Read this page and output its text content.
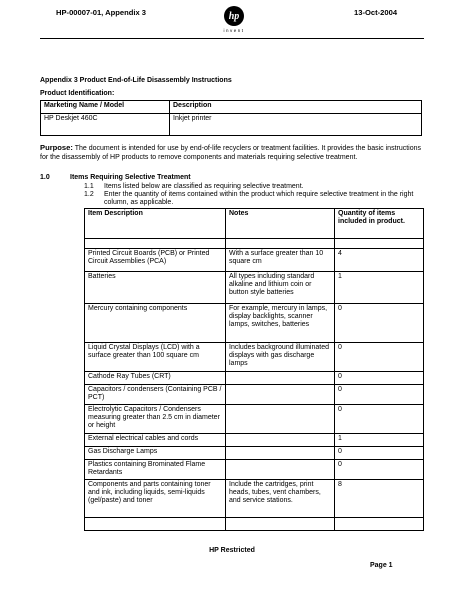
HP-00007-01, Appendix 3	hp
invent
13-Oct-2004
Appendix 3 Product End-of-Life Disassembly Instructions
Product Identification:
Marketing Name / Model	Description
HP Deskjet 460C	Inkjet printer
Purpose: The document is intended for use by end-of-life recyclers or treatment facilities. It provides the basic instructions for the disassembly of HP products to remove components and materials requiring selective treatment.
1.0	Items Requiring Selective Treatment
1.1 Items listed below are classified as requiring selective treatment.
1.2 Enter the quantity of items contained within the product which require selective treatment in the right column, as applicable.
Item Description	Notes	Quantity of items included in product.

Printed Circuit Boards (PCB) or Printed Circuit Assemblies (PCA)	With a surface greater than 10 square cm	4
Batteries	All types including standard alkaline and lithium coin or button style batteries	1
Mercury containing components	For example, mercury in lamps, display backlights, scanner lamps, switches, batteries	0
Liquid Crystal Displays (LCD) with a surface greater than 100 square cm	Includes background illuminated displays with gas discharge lamps	0
Cathode Ray Tubes (CRT)		0
Capacitors / condensers (Containing PCB / PCT)		0
Electrolytic Capacitors / Condensers measuring greater than 2.5 cm in diameter or height		0
External electrical cables and cords		1
Gas Discharge Lamps		0
Plastics containing Brominated Flame Retardants		0
Components and parts containing toner and ink, including liquids, semi-liquids (gel/paste) and toner	Include the cartridges, print heads, tubes, vent chambers, and service stations.	8

HP Restricted
Page 1
